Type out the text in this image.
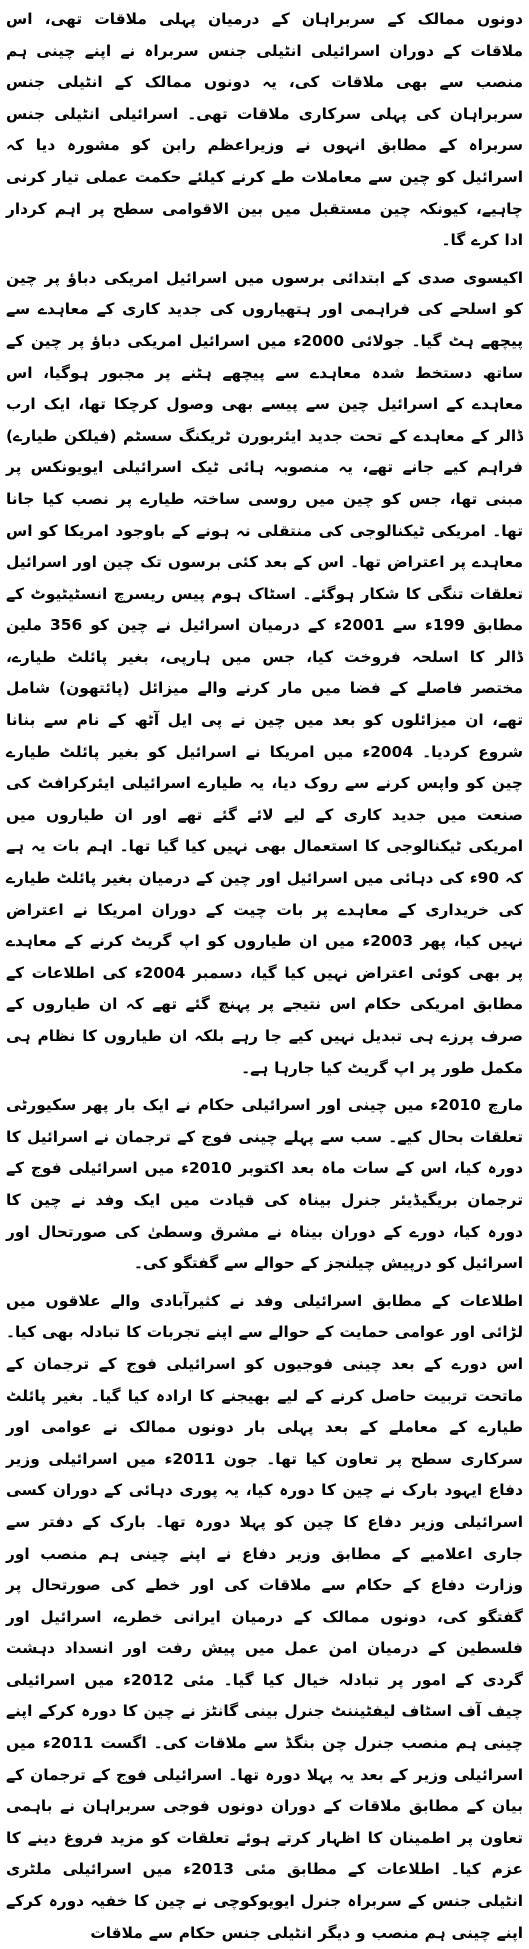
دونوں ممالک کے سربراہان کے درمیان پہلی ملاقات تھی، اس ملاقات کے دوران اسرائیلی انٹیلی جنس سربراہ نے اپنے چینی ہم منصب سے بھی ملاقات کی، یہ دونوں ممالک کے انٹیلی جنس سربراہان کی پہلی سرکاری ملاقات تھی۔ اسرائیلی انٹیلی جنس سربراہ کے مطابق انہوں نے وزیراعظم رابن کو مشورہ دیا کہ اسرائیل کو چین سے معاملات طے کرنے کیلئے حکمت عملی تیار کرنی چاہیے، کیونکہ چین مستقبل میں بین الاقوامی سطح پر اہم کردار ادا کرے گا۔

اکیسوی صدی کے ابتدائی برسوں میں اسرائیل امریکی دباؤ پر چین کو اسلحے کی فراہمی اور ہتھیاروں کی جدید کاری کے معاہدے سے پیچھے ہٹ گیا۔ جولائی 2000ء میں اسرائیل امریکی دباؤ پر چین کے ساتھ دستخط شدہ معاہدے سے پیچھے ہٹنے پر مجبور ہوگیا، اس معاہدے کے اسرائیل چین سے پیسے بھی وصول کرچکا تھا، ایک ارب ڈالر کے معاہدے کے تحت جدید ایئربورن ٹریکنگ سسٹم (فیلکن طیارے) فراہم کیے جانے تھے، یہ منصوبہ ہائی ٹیک اسرائیلی ایویونکس پر مبنی تھا، جس کو چین میں روسی ساختہ طیارے پر نصب کیا جانا تھا۔ امریکی ٹیکنالوجی کی منتقلی نہ ہونے کے باوجود امریکا کو اس معاہدے پر اعتراض تھا۔ اس کے بعد کئی برسوں تک چین اور اسرائیل تعلقات تنگی کا شکار ہوگئے۔ اسٹاک ہوم پیس ریسرچ انسٹیٹیوٹ کے مطابق 199ء سے 2001ء کے درمیان اسرائیل نے چین کو 356 ملین ڈالر کا اسلحہ فروخت کیا، جس میں ہارپی، بغیر پائلٹ طیارے، مختصر فاصلے کے فضا میں مار کرنے والے میزائل (پائتھون) شامل تھے، ان میزائلوں کو بعد میں چین نے پی ایل آٹھ کے نام سے بنانا شروع کردیا۔ 2004ء میں امریکا نے اسرائیل کو بغیر پائلٹ طیارے چین کو واپس کرنے سے روک دیا، یہ طیارے اسرائیلی ایئرکرافٹ کی صنعت میں جدید کاری کے لیے لائے گئے تھے اور ان طیاروں میں امریکی ٹیکنالوجی کا استعمال بھی نہیں کیا گیا تھا۔ اہم بات یہ ہے کہ 90ء کی دہائی میں اسرائیل اور چین کے درمیان بغیر پائلٹ طیارے کی خریداری کے معاہدے پر بات چیت کے دوران امریکا نے اعتراض نہیں کیا، پھر 2003ء میں ان طیاروں کو اپ گریٹ کرنے کے معاہدے پر بھی کوئی اعتراض نہیں کیا گیا، دسمبر 2004ء کی اطلاعات کے مطابق امریکی حکام اس نتیجے پر پہنچ گئے تھے کہ ان طیاروں کے صرف پرزے ہی تبدیل نہیں کیے جا رہے بلکہ ان طیاروں کا نظام ہی مکمل طور پر اپ گریٹ کیا جارہا ہے۔

مارچ 2010ء میں چینی اور اسرائیلی حکام نے ایک بار پھر سکیورٹی تعلقات بحال کیے۔ سب سے پہلے چینی فوج کے ترجمان نے اسرائیل کا دورہ کیا، اس کے سات ماہ بعد اکتوبر 2010ء میں اسرائیلی فوج کے ترجمان بریگیڈیئر جنرل بیناہ کی قیادت میں ایک وفد نے چین کا دورہ کیا، دورے کے دوران بیناہ نے مشرق وسطیٰ کی صورتحال اور اسرائیل کو درپیش چیلنجز کے حوالے سے گفتگو کی۔

اطلاعات کے مطابق اسرائیلی وفد نے کثیرآبادی والے علاقوں میں لڑائی اور عوامی حمایت کے حوالے سے اپنے تجربات کا تبادلہ بھی کیا۔ اس دورے کے بعد چینی فوجیوں کو اسرائیلی فوج کے ترجمان کے ماتحت تربیت حاصل کرنے کے لیے بھیجنے کا ارادہ کیا گیا۔ بغیر پائلٹ طیارے کے معاملے کے بعد پہلی بار دونوں ممالک نے عوامی اور سرکاری سطح پر تعاون کیا تھا۔ جون 2011ء میں اسرائیلی وزیر دفاع ایہود بارک نے چین کا دورہ کیا، یہ پوری دہائی کے دوران کسی اسرائیلی وزیر دفاع کا چین کو پہلا دورہ تھا۔ بارک کے دفتر سے جاری اعلامیے کے مطابق وزیر دفاع نے اپنے چینی ہم منصب اور وزارت دفاع کے حکام سے ملاقات کی اور خطے کی صورتحال پر گفتگو کی، دونوں ممالک کے درمیان ایرانی خطرے، اسرائیل اور فلسطین کے درمیان امن عمل میں پیش رفت اور انسداد دہشت گردی کے امور پر تبادلہ خیال کیا گیا۔ مئی 2012ء میں اسرائیلی چیف آف اسٹاف لیفٹیننٹ جنرل بینی گانٹز نے چین کا دورہ کرکے اپنے چینی ہم منصب جنرل چن بنگڈ سے ملاقات کی۔ اگست 2011ء میں اسرائیلی وزیر کے بعد یہ پہلا دورہ تھا۔ اسرائیلی فوج کے ترجمان کے بیان کے مطابق ملاقات کے دوران دونوں فوجی سربراہان نے باہمی تعاون پر اطمینان کا اظہار کرتے ہوئے تعلقات کو مزید فروغ دینے کا عزم کیا۔ اطلاعات کے مطابق مئی 2013ء میں اسرائیلی ملٹری انٹیلی جنس کے سربراہ جنرل ایویوکوچی نے چین کا خفیہ دورہ کرکے اپنے چینی ہم منصب و دیگر انٹیلی جنس حکام سے ملاقات
